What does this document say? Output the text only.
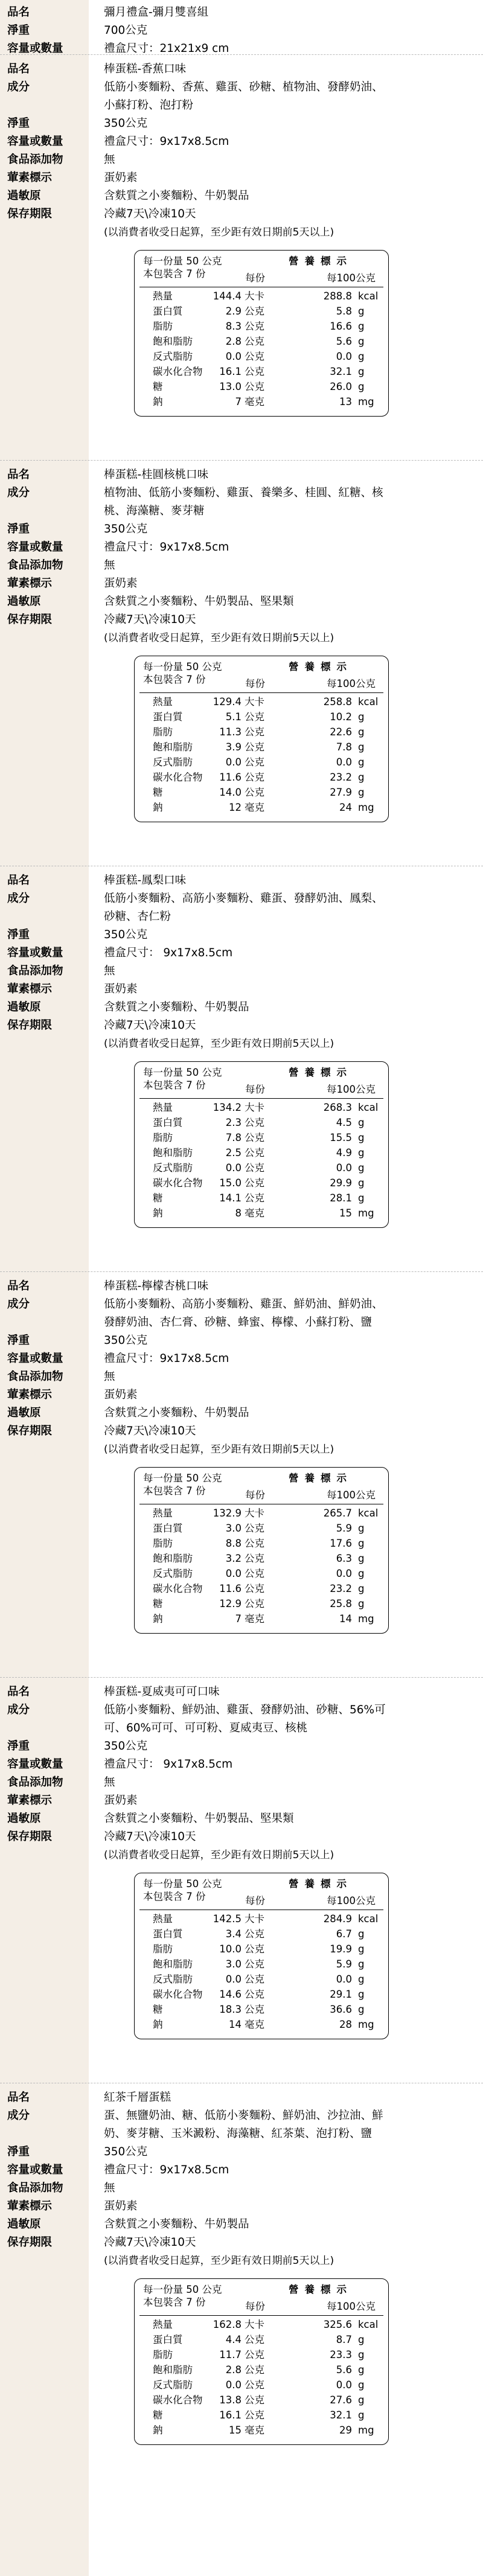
品名	彌月禮盒-彌月雙喜組
淨重	700公克
容量或數量	禮盒尺寸：21x21x9 cm
品名	棒蛋糕-香蕉口味
成分	低筋小麥麵粉、香蕉、雞蛋、砂糖、植物油、發酵奶油、
小蘇打粉、泡打粉
淨重	350公克
容量或數量	禮盒尺寸：9x17x8.5cm
食品添加物	無
葷素標示	蛋奶素
過敏原	含麩質之小麥麵粉、牛奶製品
保存期限	冷藏7天\冷凍10天
(以消費者收受日起算，至少距有效日期前5天以上)
每一份量 50 公克
本包裝含 7 份
營養標示
每份	每100公克
熱量	144.4 大卡	288.8 kcal
蛋白質	2.9 公克	5.8 g
脂肪	8.3 公克	16.6 g
飽和脂肪	2.8 公克	5.6 g
反式脂肪	0.0 公克	0.0 g
碳水化合物 16.1 公克	32.1 g
糖	13.0 公克	26.0 g
鈉	7 毫克	13 mg
品名	棒蛋糕-桂圓核桃口味
成分	植物油、低筋小麥麵粉、雞蛋、養樂多、桂圓、紅糖、核
桃、海藻糖、麥芽糖
淨重	350公克
容量或數量	禮盒尺寸：9x17x8.5cm
食品添加物	無
葷素標示	蛋奶素
過敏原	含麩質之小麥麵粉、牛奶製品、堅果類
保存期限	冷藏7天\冷凍10天
(以消費者收受日起算，至少距有效日期前5天以上)
每一份量 50 公克
本包裝含 7 份
營養標示
每份	每100公克
熱量	129.4 大卡	258.8 kcal
蛋白質	5.1 公克	10.2 g
脂肪	11.3 公克	22.6 g
飽和脂肪	3.9 公克	7.8 g
反式脂肪	0.0 公克	0.0 g
碳水化合物 11.6 公克	23.2 g
糖	14.0 公克	27.9 g
鈉	12 毫克	24 mg
品名	棒蛋糕-鳳梨口味
成分	低筋小麥麵粉、高筋小麥麵粉、雞蛋、發酵奶油、鳳梨、
砂糖、杏仁粉
淨重	350公克
容量或數量	禮盒尺寸： 9x17x8.5cm
食品添加物	無
葷素標示	蛋奶素
過敏原	含麩質之小麥麵粉、牛奶製品
保存期限	冷藏7天\冷凍10天
(以消費者收受日起算，至少距有效日期前5天以上)
每一份量 50 公克
本包裝含 7 份
營養標示
每份	每100公克
熱量	134.2 大卡	268.3 kcal
蛋白質	2.3 公克	4.5 g
脂肪	7.8 公克	15.5 g
飽和脂肪	2.5 公克	4.9 g
反式脂肪	0.0 公克	0.0 g
碳水化合物 15.0 公克	29.9 g
糖	14.1 公克	28.1 g
鈉	8 毫克	15 mg
品名	棒蛋糕-檸檬杏桃口味
成分	低筋小麥麵粉、高筋小麥麵粉、雞蛋、鮮奶油、鮮奶油、
發酵奶油、杏仁膏、砂糖、蜂蜜、檸檬、小蘇打粉、鹽
淨重	350公克
容量或數量	禮盒尺寸：9x17x8.5cm
食品添加物	無
葷素標示	蛋奶素
過敏原	含麩質之小麥麵粉、牛奶製品
保存期限	冷藏7天\冷凍10天
(以消費者收受日起算，至少距有效日期前5天以上)
每一份量 50 公克
本包裝含 7 份
營養標示
每份	每100公克
熱量	132.9 大卡	265.7 kcal
蛋白質	3.0 公克	5.9 g
脂肪	8.8 公克	17.6 g
飽和脂肪	3.2 公克	6.3 g
反式脂肪	0.0 公克	0.0 g
碳水化合物 11.6 公克	23.2 g
糖	12.9 公克	25.8 g
鈉	7 毫克	14 mg
品名	棒蛋糕-夏威夷可可口味
成分	低筋小麥麵粉、鮮奶油、雞蛋、發酵奶油、砂糖、56%可
可、60%可可、可可粉、夏威夷豆、核桃
淨重	350公克
容量或數量	禮盒尺寸： 9x17x8.5cm
食品添加物	無
葷素標示	蛋奶素
過敏原	含麩質之小麥麵粉、牛奶製品、堅果類
保存期限	冷藏7天\冷凍10天
(以消費者收受日起算，至少距有效日期前5天以上)
每一份量 50 公克
本包裝含 7 份
營養標示
每份	每100公克
熱量	142.5 大卡	284.9 kcal
蛋白質	3.4 公克	6.7 g
脂肪	10.0 公克	19.9 g
飽和脂肪	3.0 公克	5.9 g
反式脂肪	0.0 公克	0.0 g
碳水化合物 14.6 公克	29.1 g
糖	18.3 公克	36.6 g
鈉	14 毫克	28 mg
品名	紅茶千層蛋糕
成分	蛋、無鹽奶油、糖、低筋小麥麵粉、鮮奶油、沙拉油、鮮
奶、麥芽糖、玉米澱粉、海藻糖、紅茶葉、泡打粉、鹽
淨重	350公克
容量或數量	禮盒尺寸：9x17x8.5cm
食品添加物	無
葷素標示	蛋奶素
過敏原	含麩質之小麥麵粉、牛奶製品
保存期限	冷藏7天\冷凍10天
(以消費者收受日起算，至少距有效日期前5天以上)
每一份量 50 公克
本包裝含 7 份
營養標示
每份	每100公克
熱量	162.8 大卡	325.6 kcal
蛋白質	4.4 公克	8.7 g
脂肪	11.7 公克	23.3 g
飽和脂肪	2.8 公克	5.6 g
反式脂肪	0.0 公克	0.0 g
碳水化合物 13.8 公克	27.6 g
糖	16.1 公克	32.1 g
鈉	15 毫克	29 mg
